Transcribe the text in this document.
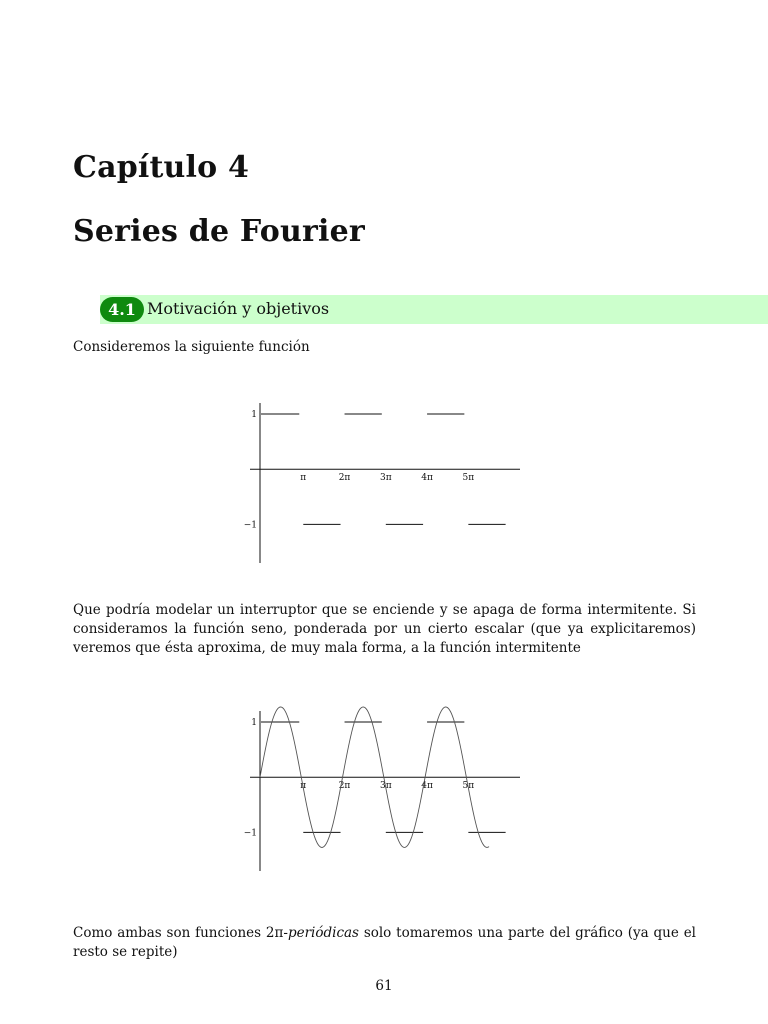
Capítulo 4
Series de Fourier
4.1 Motivación y objetivos
Consideremos la siguiente función
π	2π	3π	4π	5π
1
−1
Que podría modelar un interruptor que se enciende y se apaga de forma intermitente. Si consideramos la función seno, ponderada por un cierto escalar (que ya explicitaremos) veremos que ésta aproxima, de muy mala forma, a la función intermitente
π	2π	3π	4π	5π
1
−1
Como ambas son funciones 2π-periódicas solo tomaremos una parte del gráfico (ya que el resto se repite)
61
